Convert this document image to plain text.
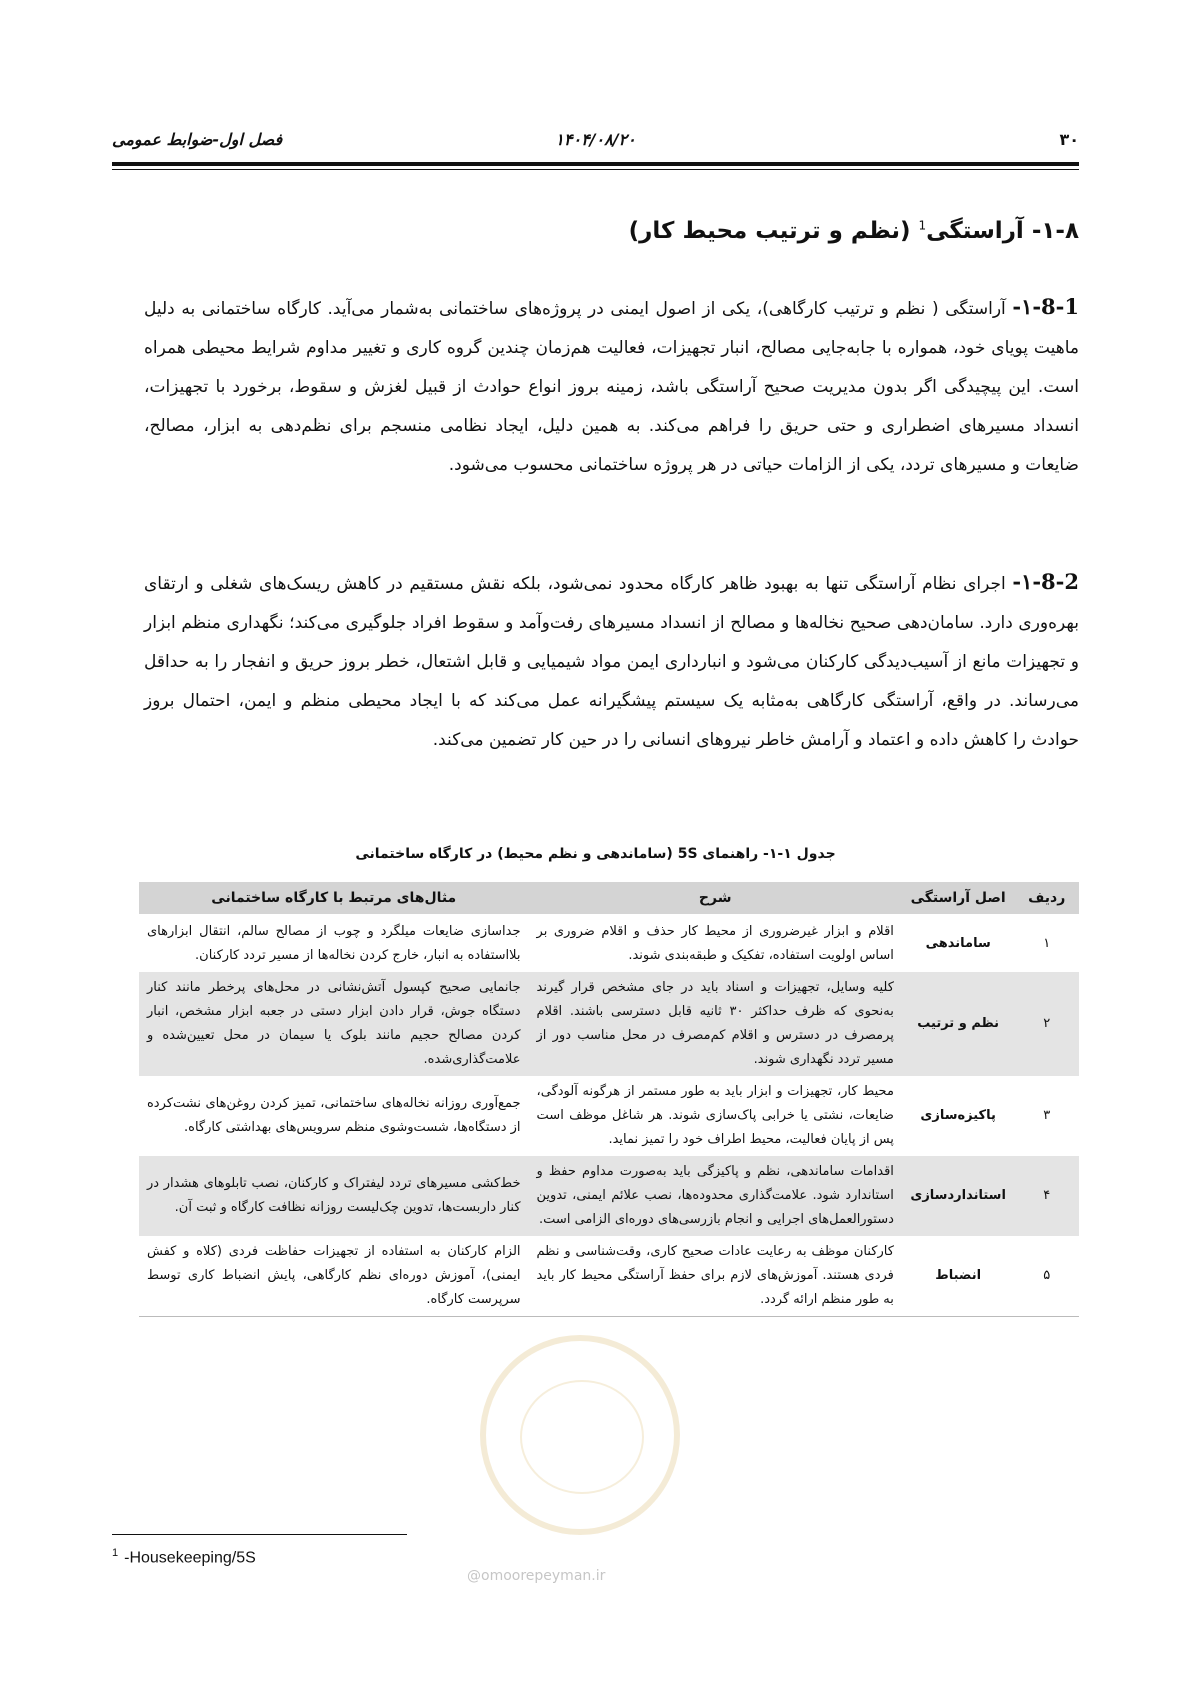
۳۰
۱۴۰۴/۰۸/۲۰
فصل اول-ضوابط عمومی
۱-۸- آراستگی$^1$ (نظم و ترتیب محیط کار)
۱-8-1- آراستگی ( نظم و ترتیب کارگاهی)، یکی از اصول ایمنی در پروژه‌های ساختمانی به‌شمار می‌آید. کارگاه ساختمانی به دلیل ماهیت پویای خود، همواره با جابه‌جایی مصالح، انبار تجهیزات، فعالیت هم‌زمان چندین گروه کاری و تغییر مداوم شرایط محیطی همراه است. این پیچیدگی اگر بدون مدیریت صحیح آراستگی باشد، زمینه بروز انواع حوادث از قبیل لغزش و سقوط، برخورد با تجهیزات، انسداد مسیرهای اضطراری و حتی حریق را فراهم می‌کند. به همین دلیل، ایجاد نظامی منسجم برای نظم‌دهی به ابزار، مصالح، ضایعات و مسیرهای تردد، یکی از الزامات حیاتی در هر پروژه ساختمانی محسوب می‌شود.
۱-8-2- اجرای نظام آراستگی تنها به بهبود ظاهر کارگاه محدود نمی‌شود، بلکه نقش مستقیم در کاهش ریسک‌های شغلی و ارتقای بهره‌وری دارد. سامان‌دهی صحیح نخاله‌ها و مصالح از انسداد مسیرهای رفت‌وآمد و سقوط افراد جلوگیری می‌کند؛ نگهداری منظم ابزار و تجهیزات مانع از آسیب‌دیدگی کارکنان می‌شود و انبارداری ایمن مواد شیمیایی و قابل اشتعال، خطر بروز حریق و انفجار را به حداقل می‌رساند. در واقع، آراستگی کارگاهی به‌مثابه یک سیستم پیشگیرانه عمل می‌کند که با ایجاد محیطی منظم و ایمن، احتمال بروز حوادث را کاهش داده و اعتماد و آرامش خاطر نیروهای انسانی را در حین کار تضمین می‌کند.
جدول ۱-۱- راهنمای 5S (ساماندهی و نظم محیط) در کارگاه ساختمانی
ردیف	اصل آراستگی	شرح	مثال‌های مرتبط با کارگاه ساختمانی
۱	ساماندهی	اقلام و ابزار غیرضروری از محیط کار حذف و اقلام ضروری بر اساس اولویت استفاده، تفکیک و طبقه‌بندی شوند.	جداسازی ضایعات میلگرد و چوب از مصالح سالم، انتقال ابزارهای بلااستفاده به انبار، خارج کردن نخاله‌ها از مسیر تردد کارکنان.
۲	نظم و ترتیب	کلیه وسایل، تجهیزات و اسناد باید در جای مشخص قرار گیرند به‌نحوی که ظرف حداکثر ۳۰ ثانیه قابل دسترسی باشند. اقلام پرمصرف در دسترس و اقلام کم‌مصرف در محل مناسب دور از مسیر تردد نگهداری شوند.	جانمایی صحیح کپسول آتش‌نشانی در محل‌های پرخطر مانند کنار دستگاه جوش، قرار دادن ابزار دستی در جعبه ابزار مشخص، انبار کردن مصالح حجیم مانند بلوک یا سیمان در محل تعیین‌شده و علامت‌گذاری‌شده.
۳	پاکیزه‌سازی	محیط کار، تجهیزات و ابزار باید به طور مستمر از هرگونه آلودگی، ضایعات، نشتی یا خرابی پاک‌سازی شوند. هر شاغل موظف است پس از پایان فعالیت، محیط اطراف خود را تمیز نماید.	جمع‌آوری روزانه نخاله‌های ساختمانی، تمیز کردن روغن‌های نشت‌کرده از دستگاه‌ها، شست‌وشوی منظم سرویس‌های بهداشتی کارگاه.
۴	استانداردسازی	اقدامات ساماندهی، نظم و پاکیزگی باید به‌صورت مداوم حفظ و استاندارد شود. علامت‌گذاری محدوده‌ها، نصب علائم ایمنی، تدوین دستورالعمل‌های اجرایی و انجام بازرسی‌های دوره‌ای الزامی است.	خط‌کشی مسیرهای تردد لیفتراک و کارکنان، نصب تابلوهای هشدار در کنار داربست‌ها، تدوین چک‌لیست روزانه نظافت کارگاه و ثبت آن.
۵	انضباط	کارکنان موظف به رعایت عادات صحیح کاری، وقت‌شناسی و نظم فردی هستند. آموزش‌های لازم برای حفظ آراستگی محیط کار باید به طور منظم ارائه گردد.	الزام کارکنان به استفاده از تجهیزات حفاظت فردی (کلاه و کفش ایمنی)، آموزش دوره‌ای نظم کارگاهی، پایش انضباط کاری توسط سرپرست کارگاه.
@omoorepeyman.ir
$^1$ -Housekeeping/5S
